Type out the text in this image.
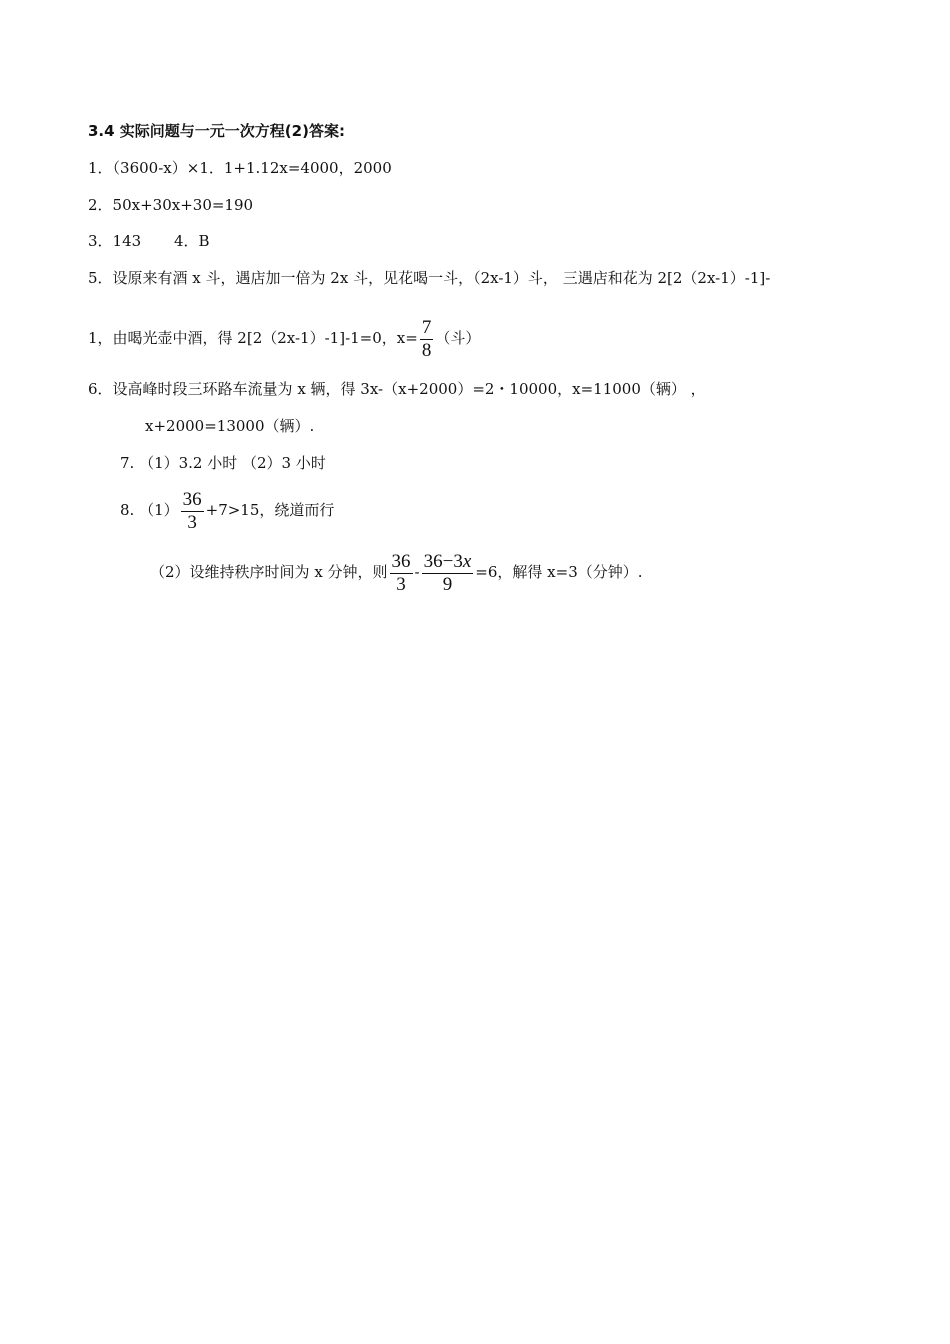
3.4 实际问题与一元一次方程(2)答案:
1．（3600-x）×1．1+1.12x=4000，2000
2．50x+30x+30=190
3．143 4．B
5．设原来有酒 x 斗，遇店加一倍为 2x 斗，见花喝一斗，（2x-1）斗， 三遇店和花为 2[2（2x-1）-1]-
1，由喝光壶中酒，得 2[2（2x-1）-1]-1=0，$x= \frac{7}{8}$ （斗）
6．设高峰时段三环路车流量为 x 辆，得 3x-（x+2000）=2・10000，x=11000（辆） ，
x+2000=13000（辆）.
7. （1）3.2 小时 （2）3 小时
8. $(1) \frac{36}{3} +7>15$，绕道而行
（2）设维持秩序时间为 x 分钟，则 $\frac{36}{3} - \frac{36-3x}{9} =6$，解得 x=3（分钟）.
